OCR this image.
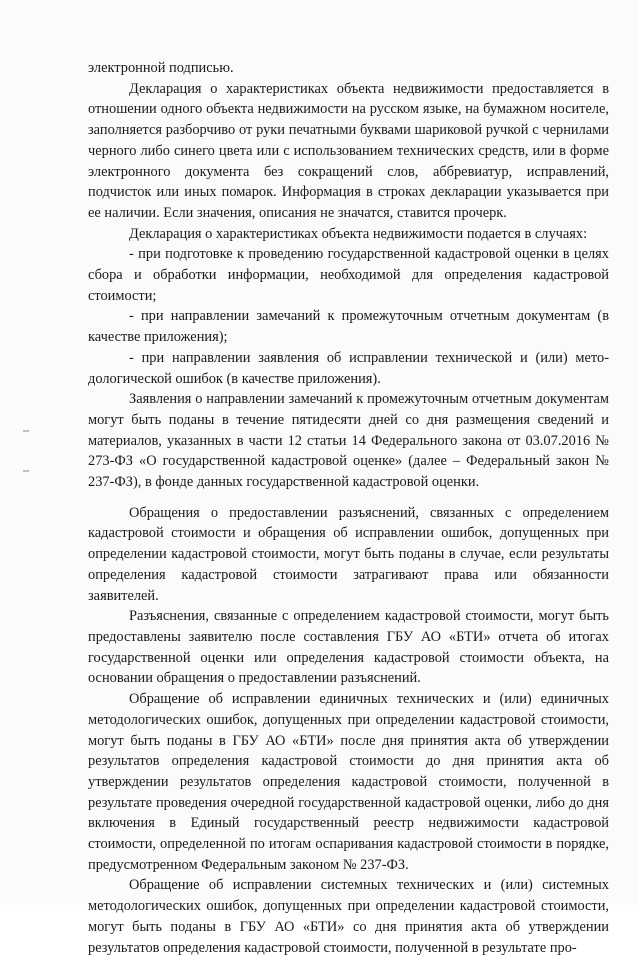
электронной подписью.

Декларация о характеристиках объекта недвижимости предоставляется в отношении одного объекта недвижимости на русском языке, на бумажном носителе, заполняется разборчиво от руки печатными буквами шариковой ручкой с чернилами черного либо синего цвета или с использованием технических средств, или в форме электронного документа без сокращений слов, аббревиатур, исправлений, подчисток или иных помарок. Информация в строках декларации указывается при ее наличии. Если значения, описания не значатся, ставится прочерк.

Декларация о характеристиках объекта недвижимости подается в случаях:

- при подготовке к проведению государственной кадастровой оценки в целях сбора и обработки информации, необходимой для определения кадастровой стоимости;

- при направлении замечаний к промежуточным отчетным документам (в качестве приложения);

- при направлении заявления об исправлении технической и (или) методологической ошибок (в качестве приложения).

Заявления о направлении замечаний к промежуточным отчетным документам могут быть поданы в течение пятидесяти дней со дня размещения сведений и материалов, указанных в части 12 статьи 14 Федерального закона от 03.07.2016 № 273-ФЗ «О государственной кадастровой оценке» (далее – Федеральный закон № 237-ФЗ), в фонде данных государственной кадастровой оценки.

Обращения о предоставлении разъяснений, связанных с определением кадастровой стоимости и обращения об исправлении ошибок, допущенных при определении кадастровой стоимости, могут быть поданы в случае, если результаты определения кадастровой стоимости затрагивают права или обязанности заявителей.

Разъяснения, связанные с определением кадастровой стоимости, могут быть предоставлены заявителю после составления ГБУ АО «БТИ» отчета об итогах государственной оценки или определения кадастровой стоимости объекта, на основании обращения о предоставлении разъяснений.

Обращение об исправлении единичных технических и (или) единичных методологических ошибок, допущенных при определении кадастровой стоимости, могут быть поданы в ГБУ АО «БТИ» после дня принятия акта об утверждении результатов определения кадастровой стоимости до дня принятия акта об утверждении результатов определения кадастровой стоимости, полученной в результате проведения очередной государственной кадастровой оценки, либо до дня включения в Единый государственный реестр недвижимости кадастровой стоимости, определенной по итогам оспаривания кадастровой стоимости в порядке, предусмотренном Федеральным законом № 237-ФЗ.

Обращение об исправлении системных технических и (или) системных методологических ошибок, допущенных при определении кадастровой стоимости, могут быть поданы в ГБУ АО «БТИ» со дня принятия акта об утверждении результатов определения кадастровой стоимости, полученной в результате про-
